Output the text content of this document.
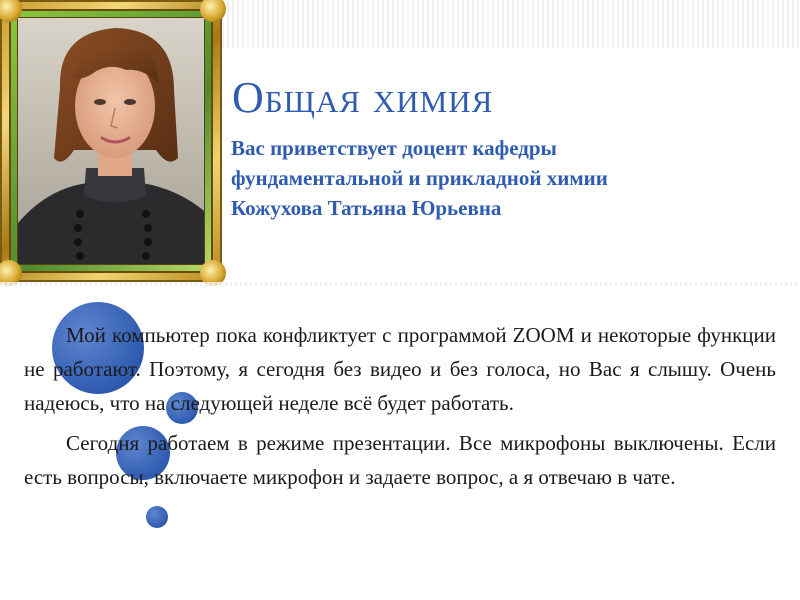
Общая химия
Вас приветствует доцент кафедры
фундаментальной и прикладной химии
Кожухова Татьяна Юрьевна

Мой компьютер пока конфликтует с программой ZOOM и некоторые функции не работают. Поэтому, я сегодня без видео и без голоса, но Вас я слышу. Очень надеюсь, что на следующей неделе всё будет работать.

Сегодня работаем в режиме презентации. Все микрофоны выключены. Если есть вопросы, включаете микрофон и задаете вопрос, а я отвечаю в чате.
